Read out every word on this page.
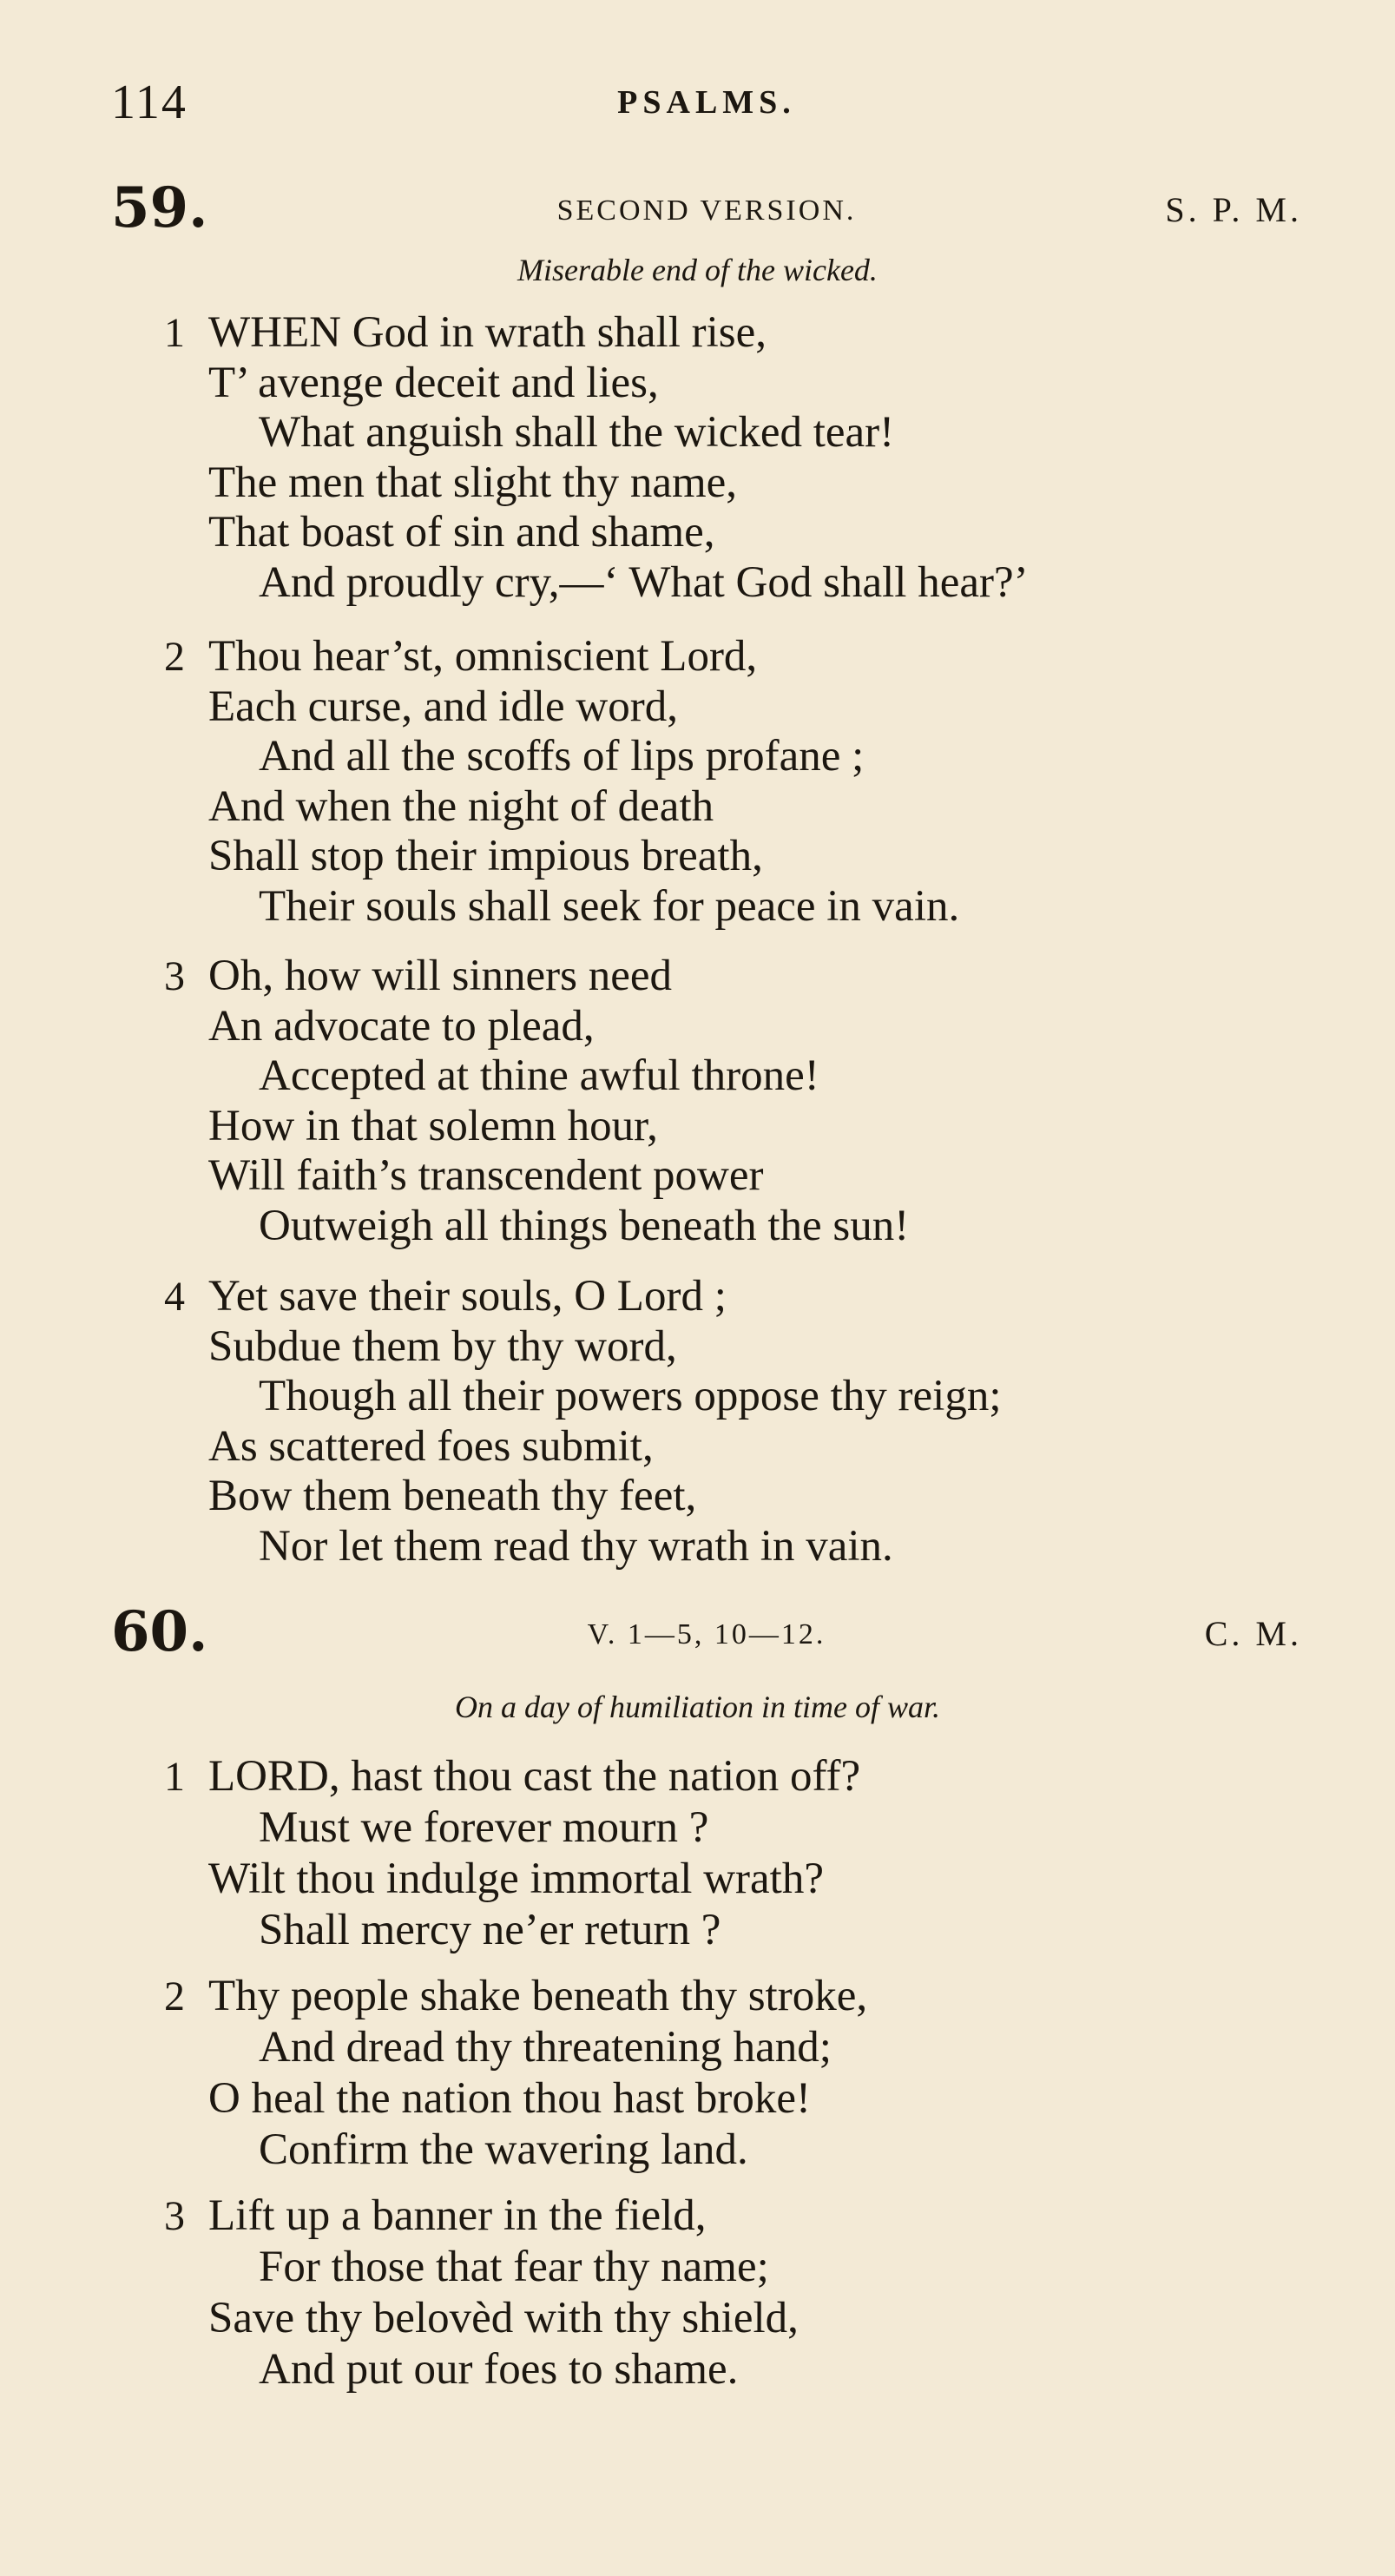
114	PSALMS.
59.	SECOND VERSION.	S. P. M.
Miserable end of the wicked.
1 WHEN God in wrath shall rise,
T’ avenge deceit and lies,
What anguish shall the wicked tear!
The men that slight thy name,
That boast of sin and shame,
And proudly cry,—‘ What God shall hear?’
2 Thou hear’st, omniscient Lord,
Each curse, and idle word,
And all the scoffs of lips profane ;
And when the night of death
Shall stop their impious breath,
Their souls shall seek for peace in vain.
3 Oh, how will sinners need
An advocate to plead,
Accepted at thine awful throne!
How in that solemn hour,
Will faith’s transcendent power
Outweigh all things beneath the sun!
4 Yet save their souls, O Lord ;
Subdue them by thy word,
Though all their powers oppose thy reign;
As scattered foes submit,
Bow them beneath thy feet,
Nor let them read thy wrath in vain.
60.	V. 1—5, 10—12.	C. M.
On a day of humiliation in time of war.
1 LORD, hast thou cast the nation off?
Must we forever mourn ?
Wilt thou indulge immortal wrath?
Shall mercy ne’er return ?
2 Thy people shake beneath thy stroke,
And dread thy threatening hand;
O heal the nation thou hast broke!
Confirm the wavering land.
3 Lift up a banner in the field,
For those that fear thy name;
Save thy belovèd with thy shield,
And put our foes to shame.
